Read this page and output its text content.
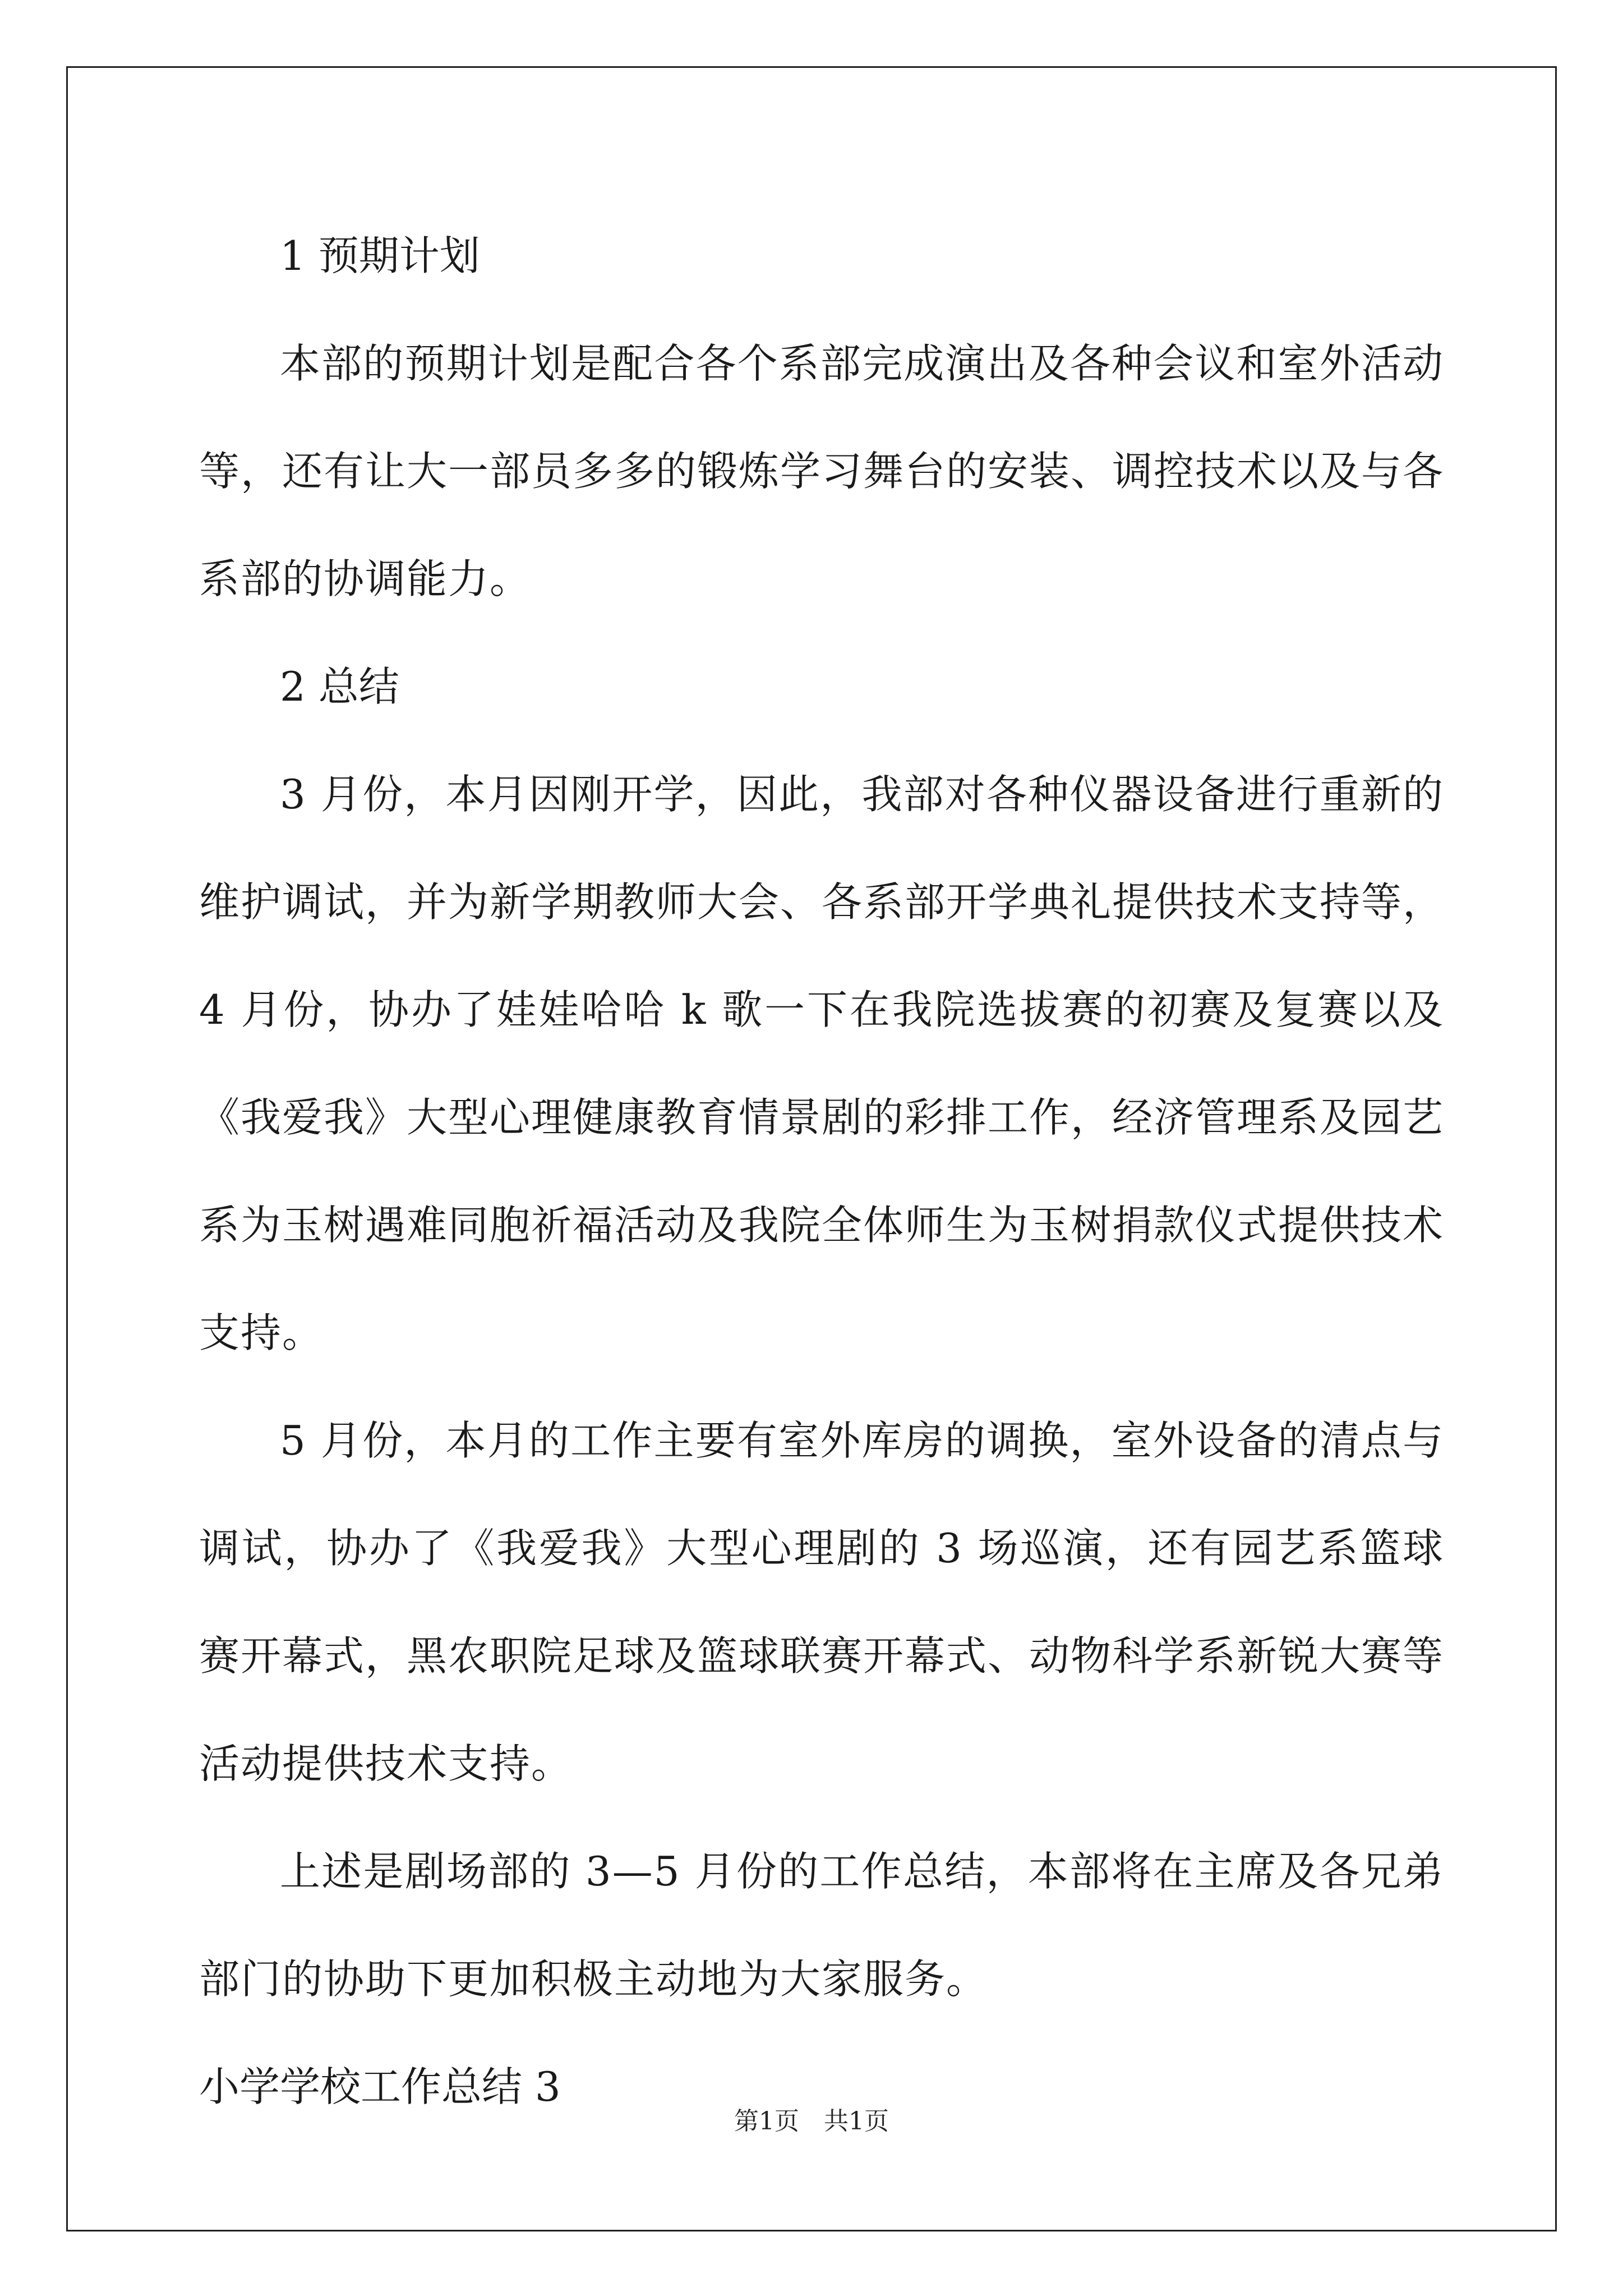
1 预期计划

本部的预期计划是配合各个系部完成演出及各种会议和室外活动等，还有让大一部员多多的锻炼学习舞台的安装、调控技术以及与各系部的协调能力。

2 总结

3 月份，本月因刚开学，因此，我部对各种仪器设备进行重新的维护调试，并为新学期教师大会、各系部开学典礼提供技术支持等，

4 月份，协办了娃娃哈哈 k 歌一下在我院选拔赛的初赛及复赛以及《我爱我》大型心理健康教育情景剧的彩排工作，经济管理系及园艺系为玉树遇难同胞祈福活动及我院全体师生为玉树捐款仪式提供技术支持。

5 月份，本月的工作主要有室外库房的调换，室外设备的清点与调试，协办了《我爱我》大型心理剧的 3 场巡演，还有园艺系篮球赛开幕式，黑农职院足球及篮球联赛开幕式、动物科学系新锐大赛等活动提供技术支持。

上述是剧场部的 3—5 月份的工作总结，本部将在主席及各兄弟部门的协助下更加积极主动地为大家服务。

小学学校工作总结 3

第1页　共1页
